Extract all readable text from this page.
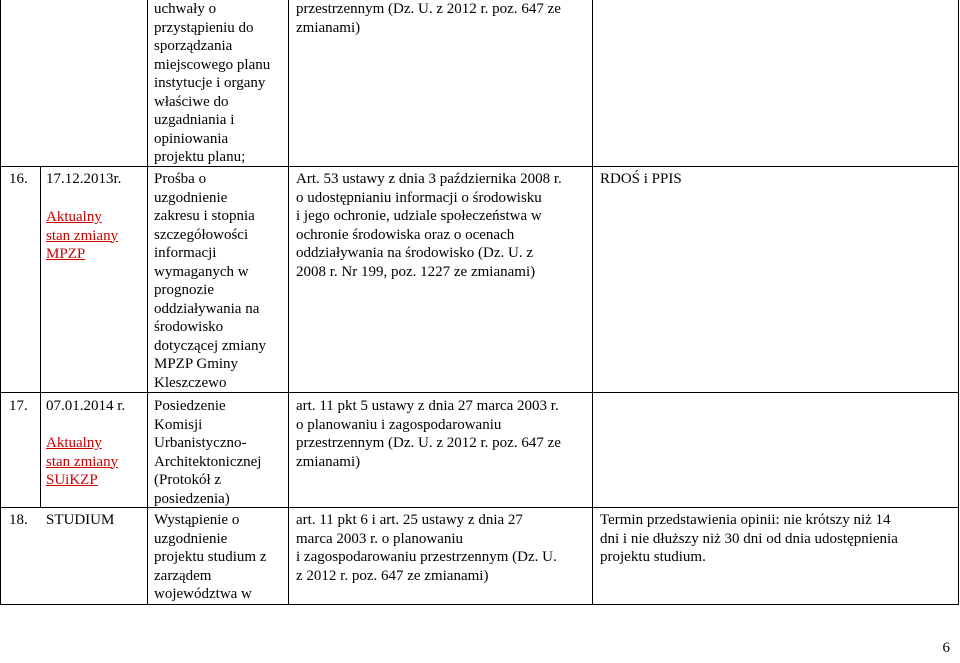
uchwały o
przystąpieniu do
sporządzania
miejscowego planu
instytucje i organy
właściwe do
uzgadniania i
opiniowania
projektu planu;
przestrzennym (Dz. U. z 2012 r. poz. 647 ze
zmianami)
16. 17.12.2013r.
Aktualny
stan zmiany
MPZP
Prośba o
uzgodnienie
zakresu i stopnia
szczegółowości
informacji
wymaganych w
prognozie
oddziaływania na
środowisko
dotyczącej zmiany
MPZP Gminy
Kleszczewo
Art. 53 ustawy z dnia 3 października 2008 r.
o udostępnianiu informacji o środowisku
i jego ochronie, udziale społeczeństwa w
ochronie środowiska oraz o ocenach
oddziaływania na środowisko (Dz. U. z
2008 r. Nr 199, poz. 1227 ze zmianami)
RDOŚ i PPIS
17. 07.01.2014 r.
Aktualny
stan zmiany
SUiKZP
Posiedzenie
Komisji
Urbanistyczno-
Architektonicznej
(Protokół z
posiedzenia)
art. 11 pkt 5 ustawy z dnia 27 marca 2003 r.
o planowaniu i zagospodarowaniu
przestrzennym (Dz. U. z 2012 r. poz. 647 ze
zmianami)
18. STUDIUM	Wystąpienie o
uzgodnienie
projektu studium z
zarządem
województwa w
art. 11 pkt 6 i art. 25 ustawy z dnia 27
marca 2003 r. o planowaniu
i zagospodarowaniu przestrzennym (Dz. U.
z 2012 r. poz. 647 ze zmianami)
Termin przedstawienia opinii: nie krótszy niż 14
dni i nie dłuższy niż 30 dni od dnia udostępnienia
projektu studium.
6
